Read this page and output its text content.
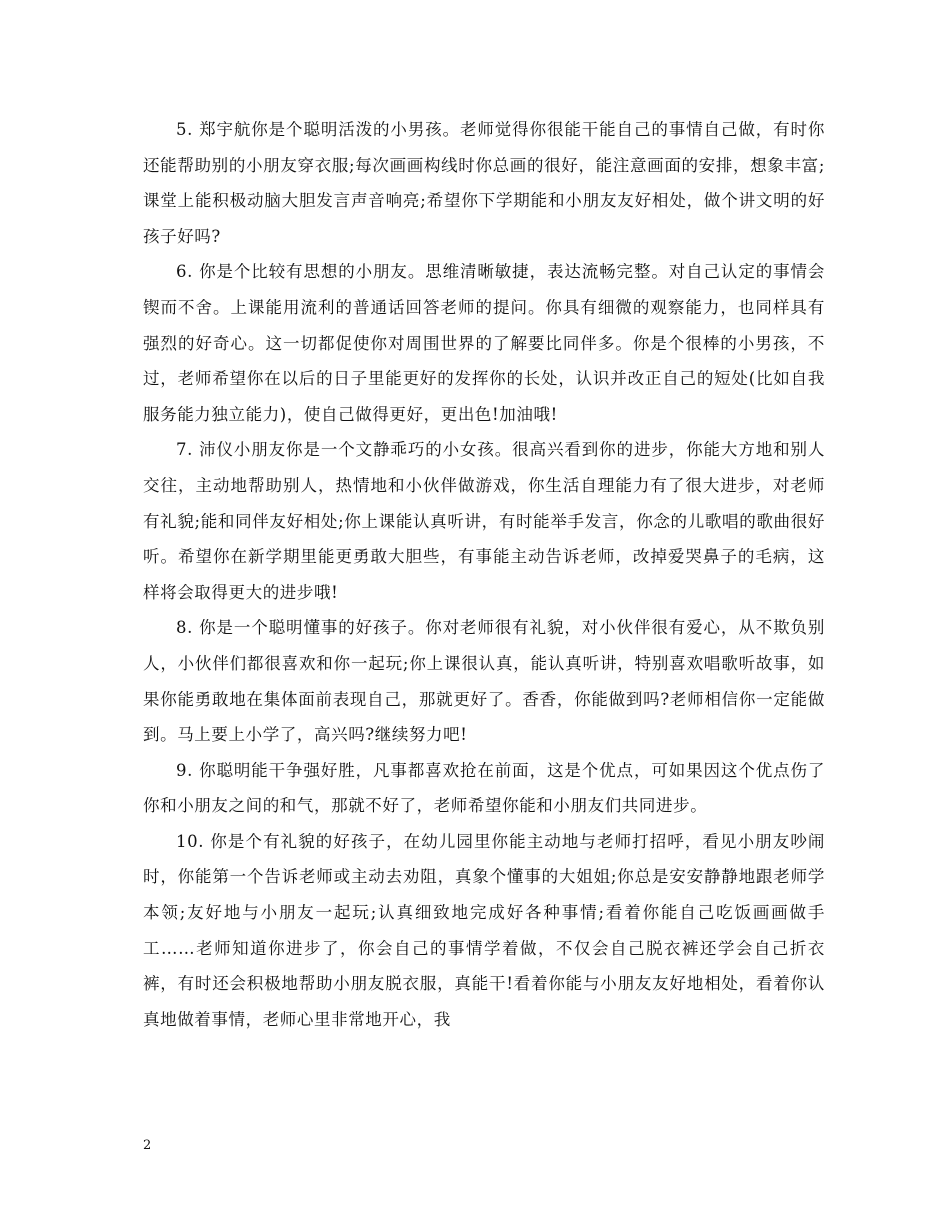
5. 郑宇航你是个聪明活泼的小男孩。老师觉得你很能干能自己的事情自己做，有时你还能帮助别的小朋友穿衣服;每次画画构线时你总画的很好，能注意画面的安排，想象丰富;课堂上能积极动脑大胆发言声音响亮;希望你下学期能和小朋友友好相处，做个讲文明的好孩子好吗?

6. 你是个比较有思想的小朋友。思维清晰敏捷，表达流畅完整。对自己认定的事情会锲而不舍。上课能用流利的普通话回答老师的提问。你具有细微的观察能力，也同样具有强烈的好奇心。这一切都促使你对周围世界的了解要比同伴多。你是个很棒的小男孩，不过，老师希望你在以后的日子里能更好的发挥你的长处，认识并改正自己的短处(比如自我服务能力独立能力)，使自己做得更好，更出色!加油哦!

7. 沛仪小朋友你是一个文静乖巧的小女孩。很高兴看到你的进步，你能大方地和别人交往，主动地帮助别人，热情地和小伙伴做游戏，你生活自理能力有了很大进步，对老师有礼貌;能和同伴友好相处;你上课能认真听讲，有时能举手发言，你念的儿歌唱的歌曲很好听。希望你在新学期里能更勇敢大胆些，有事能主动告诉老师，改掉爱哭鼻子的毛病，这样将会取得更大的进步哦!

8. 你是一个聪明懂事的好孩子。你对老师很有礼貌，对小伙伴很有爱心，从不欺负别人，小伙伴们都很喜欢和你一起玩;你上课很认真，能认真听讲，特别喜欢唱歌听故事，如果你能勇敢地在集体面前表现自己，那就更好了。香香，你能做到吗?老师相信你一定能做到。马上要上小学了，高兴吗?继续努力吧!

9. 你聪明能干争强好胜，凡事都喜欢抢在前面，这是个优点，可如果因这个优点伤了你和小朋友之间的和气，那就不好了，老师希望你能和小朋友们共同进步。

10. 你是个有礼貌的好孩子，在幼儿园里你能主动地与老师打招呼，看见小朋友吵闹时，你能第一个告诉老师或主动去劝阻，真象个懂事的大姐姐;你总是安安静静地跟老师学本领;友好地与小朋友一起玩;认真细致地完成好各种事情;看着你能自己吃饭画画做手工……老师知道你进步了，你会自己的事情学着做，不仅会自己脱衣裤还学会自己折衣裤，有时还会积极地帮助小朋友脱衣服，真能干!看着你能与小朋友友好地相处，看着你认真地做着事情，老师心里非常地开心，我

2
